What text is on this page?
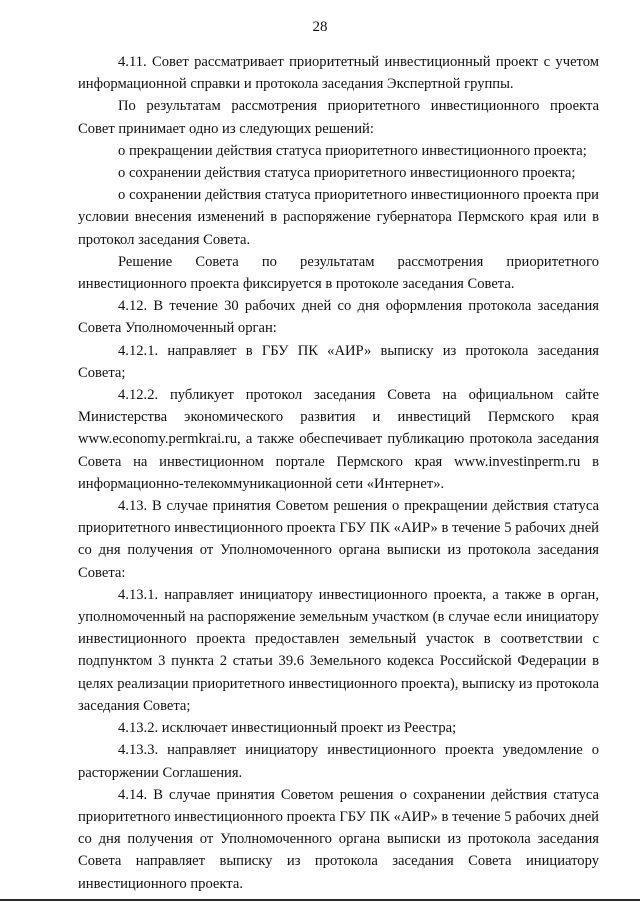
28

4.11. Совет рассматривает приоритетный инвестиционный проект с учетом информационной справки и протокола заседания Экспертной группы.

По результатам рассмотрения приоритетного инвестиционного проекта Совет принимает одно из следующих решений:

о прекращении действия статуса приоритетного инвестиционного проекта;

о сохранении действия статуса приоритетного инвестиционного проекта;

о сохранении действия статуса приоритетного инвестиционного проекта при условии внесения изменений в распоряжение губернатора Пермского края или в протокол заседания Совета.

Решение Совета по результатам рассмотрения приоритетного инвестиционного проекта фиксируется в протоколе заседания Совета.

4.12. В течение 30 рабочих дней со дня оформления протокола заседания Совета Уполномоченный орган:

4.12.1. направляет в ГБУ ПК «АИР» выписку из протокола заседания Совета;

4.12.2. публикует протокол заседания Совета на официальном сайте Министерства экономического развития и инвестиций Пермского края www.economy.permkrai.ru, а также обеспечивает публикацию протокола заседания Совета на инвестиционном портале Пермского края www.investinperm.ru в информационно-телекоммуникационной сети «Интернет».

4.13. В случае принятия Советом решения о прекращении действия статуса приоритетного инвестиционного проекта ГБУ ПК «АИР» в течение 5 рабочих дней со дня получения от Уполномоченного органа выписки из протокола заседания Совета:

4.13.1. направляет инициатору инвестиционного проекта, а также в орган, уполномоченный на распоряжение земельным участком (в случае если инициатору инвестиционного проекта предоставлен земельный участок в соответствии с подпунктом 3 пункта 2 статьи 39.6 Земельного кодекса Российской Федерации в целях реализации приоритетного инвестиционного проекта), выписку из протокола заседания Совета;

4.13.2. исключает инвестиционный проект из Реестра;

4.13.3. направляет инициатору инвестиционного проекта уведомление о расторжении Соглашения.

4.14. В случае принятия Советом решения о сохранении действия статуса приоритетного инвестиционного проекта ГБУ ПК «АИР» в течение 5 рабочих дней со дня получения от Уполномоченного органа выписки из протокола заседания Совета направляет выписку из протокола заседания Совета инициатору инвестиционного проекта.
